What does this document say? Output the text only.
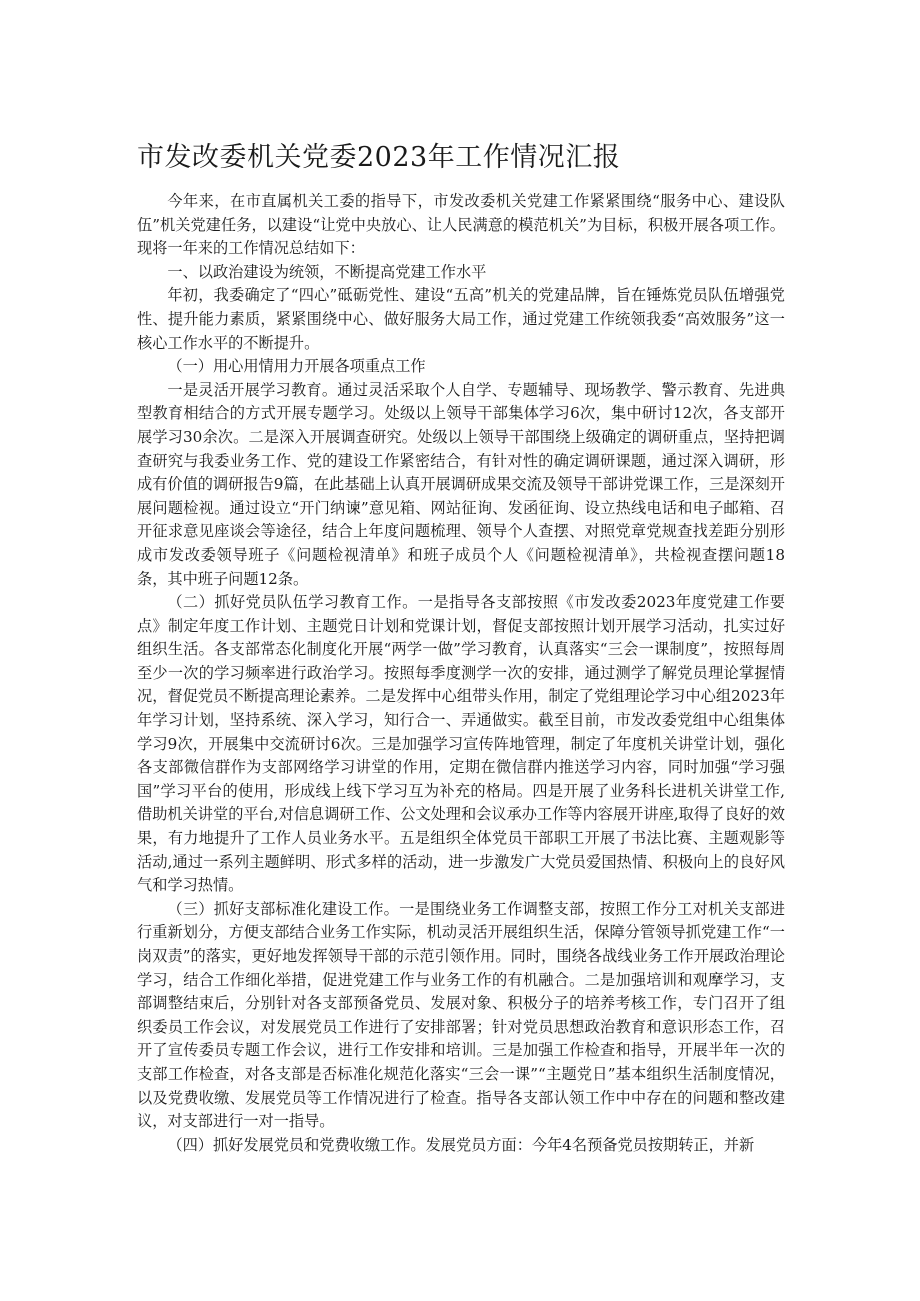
市发改委机关党委2023年工作情况汇报

今年来，在市直属机关工委的指导下，市发改委机关党建工作紧紧围绕“服务中心、建设队伍”机关党建任务，以建设“让党中央放心、让人民满意的模范机关”为目标，积极开展各项工作。现将一年来的工作情况总结如下：

一、以政治建设为统领，不断提高党建工作水平

年初，我委确定了“四心”砥砺党性、建设“五高”机关的党建品牌，旨在锤炼党员队伍增强党性、提升能力素质，紧紧围绕中心、做好服务大局工作，通过党建工作统领我委“高效服务”这一核心工作水平的不断提升。

（一）用心用情用力开展各项重点工作

一是灵活开展学习教育。通过灵活采取个人自学、专题辅导、现场教学、警示教育、先进典型教育相结合的方式开展专题学习。处级以上领导干部集体学习6次，集中研讨12次，各支部开展学习30余次。二是深入开展调查研究。处级以上领导干部围绕上级确定的调研重点，坚持把调查研究与我委业务工作、党的建设工作紧密结合，有针对性的确定调研课题，通过深入调研，形成有价值的调研报告9篇，在此基础上认真开展调研成果交流及领导干部讲党课工作，三是深刻开展问题检视。通过设立“开门纳谏”意见箱、网站征询、发函征询、设立热线电话和电子邮箱、召开征求意见座谈会等途径，结合上年度问题梳理、领导个人查摆、对照党章党规查找差距分别形成市发改委领导班子《问题检视清单》和班子成员个人《问题检视清单》，共检视查摆问题18条，其中班子问题12条。

（二）抓好党员队伍学习教育工作。一是指导各支部按照《市发改委2023年度党建工作要点》制定年度工作计划、主题党日计划和党课计划，督促支部按照计划开展学习活动，扎实过好组织生活。各支部常态化制度化开展“两学一做”学习教育，认真落实“三会一课制度”，按照每周至少一次的学习频率进行政治学习。按照每季度测学一次的安排，通过测学了解党员理论掌握情况，督促党员不断提高理论素养。二是发挥中心组带头作用，制定了党组理论学习中心组2023年年学习计划，坚持系统、深入学习，知行合一、弄通做实。截至目前，市发改委党组中心组集体学习9次，开展集中交流研讨6次。三是加强学习宣传阵地管理，制定了年度机关讲堂计划，强化各支部微信群作为支部网络学习讲堂的作用，定期在微信群内推送学习内容，同时加强“学习强国”学习平台的使用，形成线上线下学习互为补充的格局。四是开展了业务科长进机关讲堂工作,借助机关讲堂的平台,对信息调研工作、公文处理和会议承办工作等内容展开讲座,取得了良好的效果，有力地提升了工作人员业务水平。五是组织全体党员干部职工开展了书法比赛、主题观影等活动,通过一系列主题鲜明、形式多样的活动，进一步激发广大党员爱国热情、积极向上的良好风气和学习热情。

（三）抓好支部标准化建设工作。一是围绕业务工作调整支部，按照工作分工对机关支部进行重新划分，方便支部结合业务工作实际，机动灵活开展组织生活，保障分管领导抓党建工作“一岗双责”的落实，更好地发挥领导干部的示范引领作用。同时，围绕各战线业务工作开展政治理论学习，结合工作细化举措，促进党建工作与业务工作的有机融合。二是加强培训和观摩学习，支部调整结束后，分别针对各支部预备党员、发展对象、积极分子的培养考核工作，专门召开了组织委员工作会议，对发展党员工作进行了安排部署；针对党员思想政治教育和意识形态工作，召开了宣传委员专题工作会议，进行工作安排和培训。三是加强工作检查和指导，开展半年一次的支部工作检查，对各支部是否标准化规范化落实“三会一课”“主题党日”基本组织生活制度情况，以及党费收缴、发展党员等工作情况进行了检查。指导各支部认领工作中中存在的问题和整改建议，对支部进行一对一指导。

（四）抓好发展党员和党费收缴工作。发展党员方面：今年4名预备党员按期转正，并新
